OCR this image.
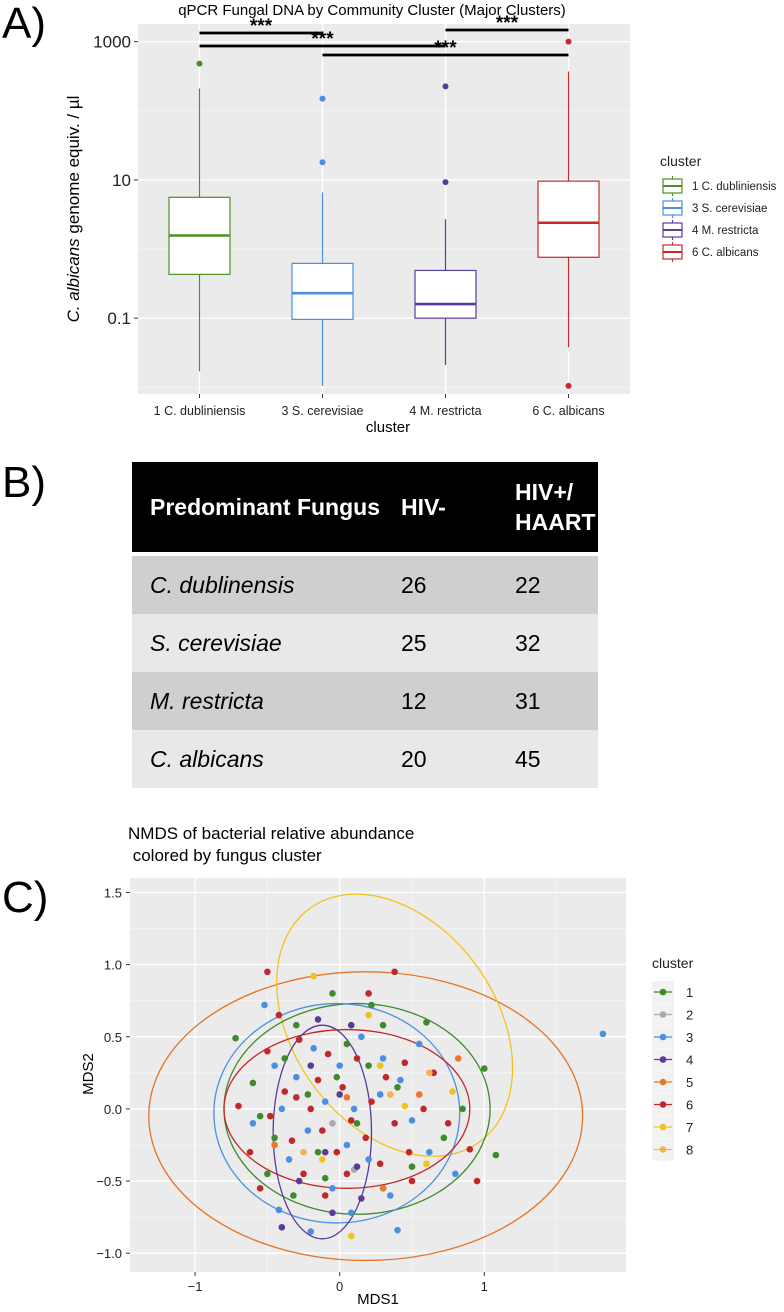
A)
B)
C)
qPCR Fungal DNA by Community Cluster (Major Clusters)
0.1
10
1000
***
***
***
***
1 C. dubliniensis	3 S. cerevisiae	4 M. restricta	6 C. albicans
cluster
C. albicans genome equiv. / µl	cluster
1 C. dubliniensis
3 S. cerevisiae
4 M. restricta
6 C. albicans
Predominant Fungus	HIV-	HIV+/ HAART

C. dublinensis	26	22
S. cerevisiae	25	32
M. restricta	12	31
C. albicans	20	45
NMDS of bacterial relative abundance
colored by fungus cluster
−1.0
−0.5
0.0
0.5
1.0
1.5
−1	0	1
MDS1
MDS2
cluster
1
2
3
4
5
6
7
8
